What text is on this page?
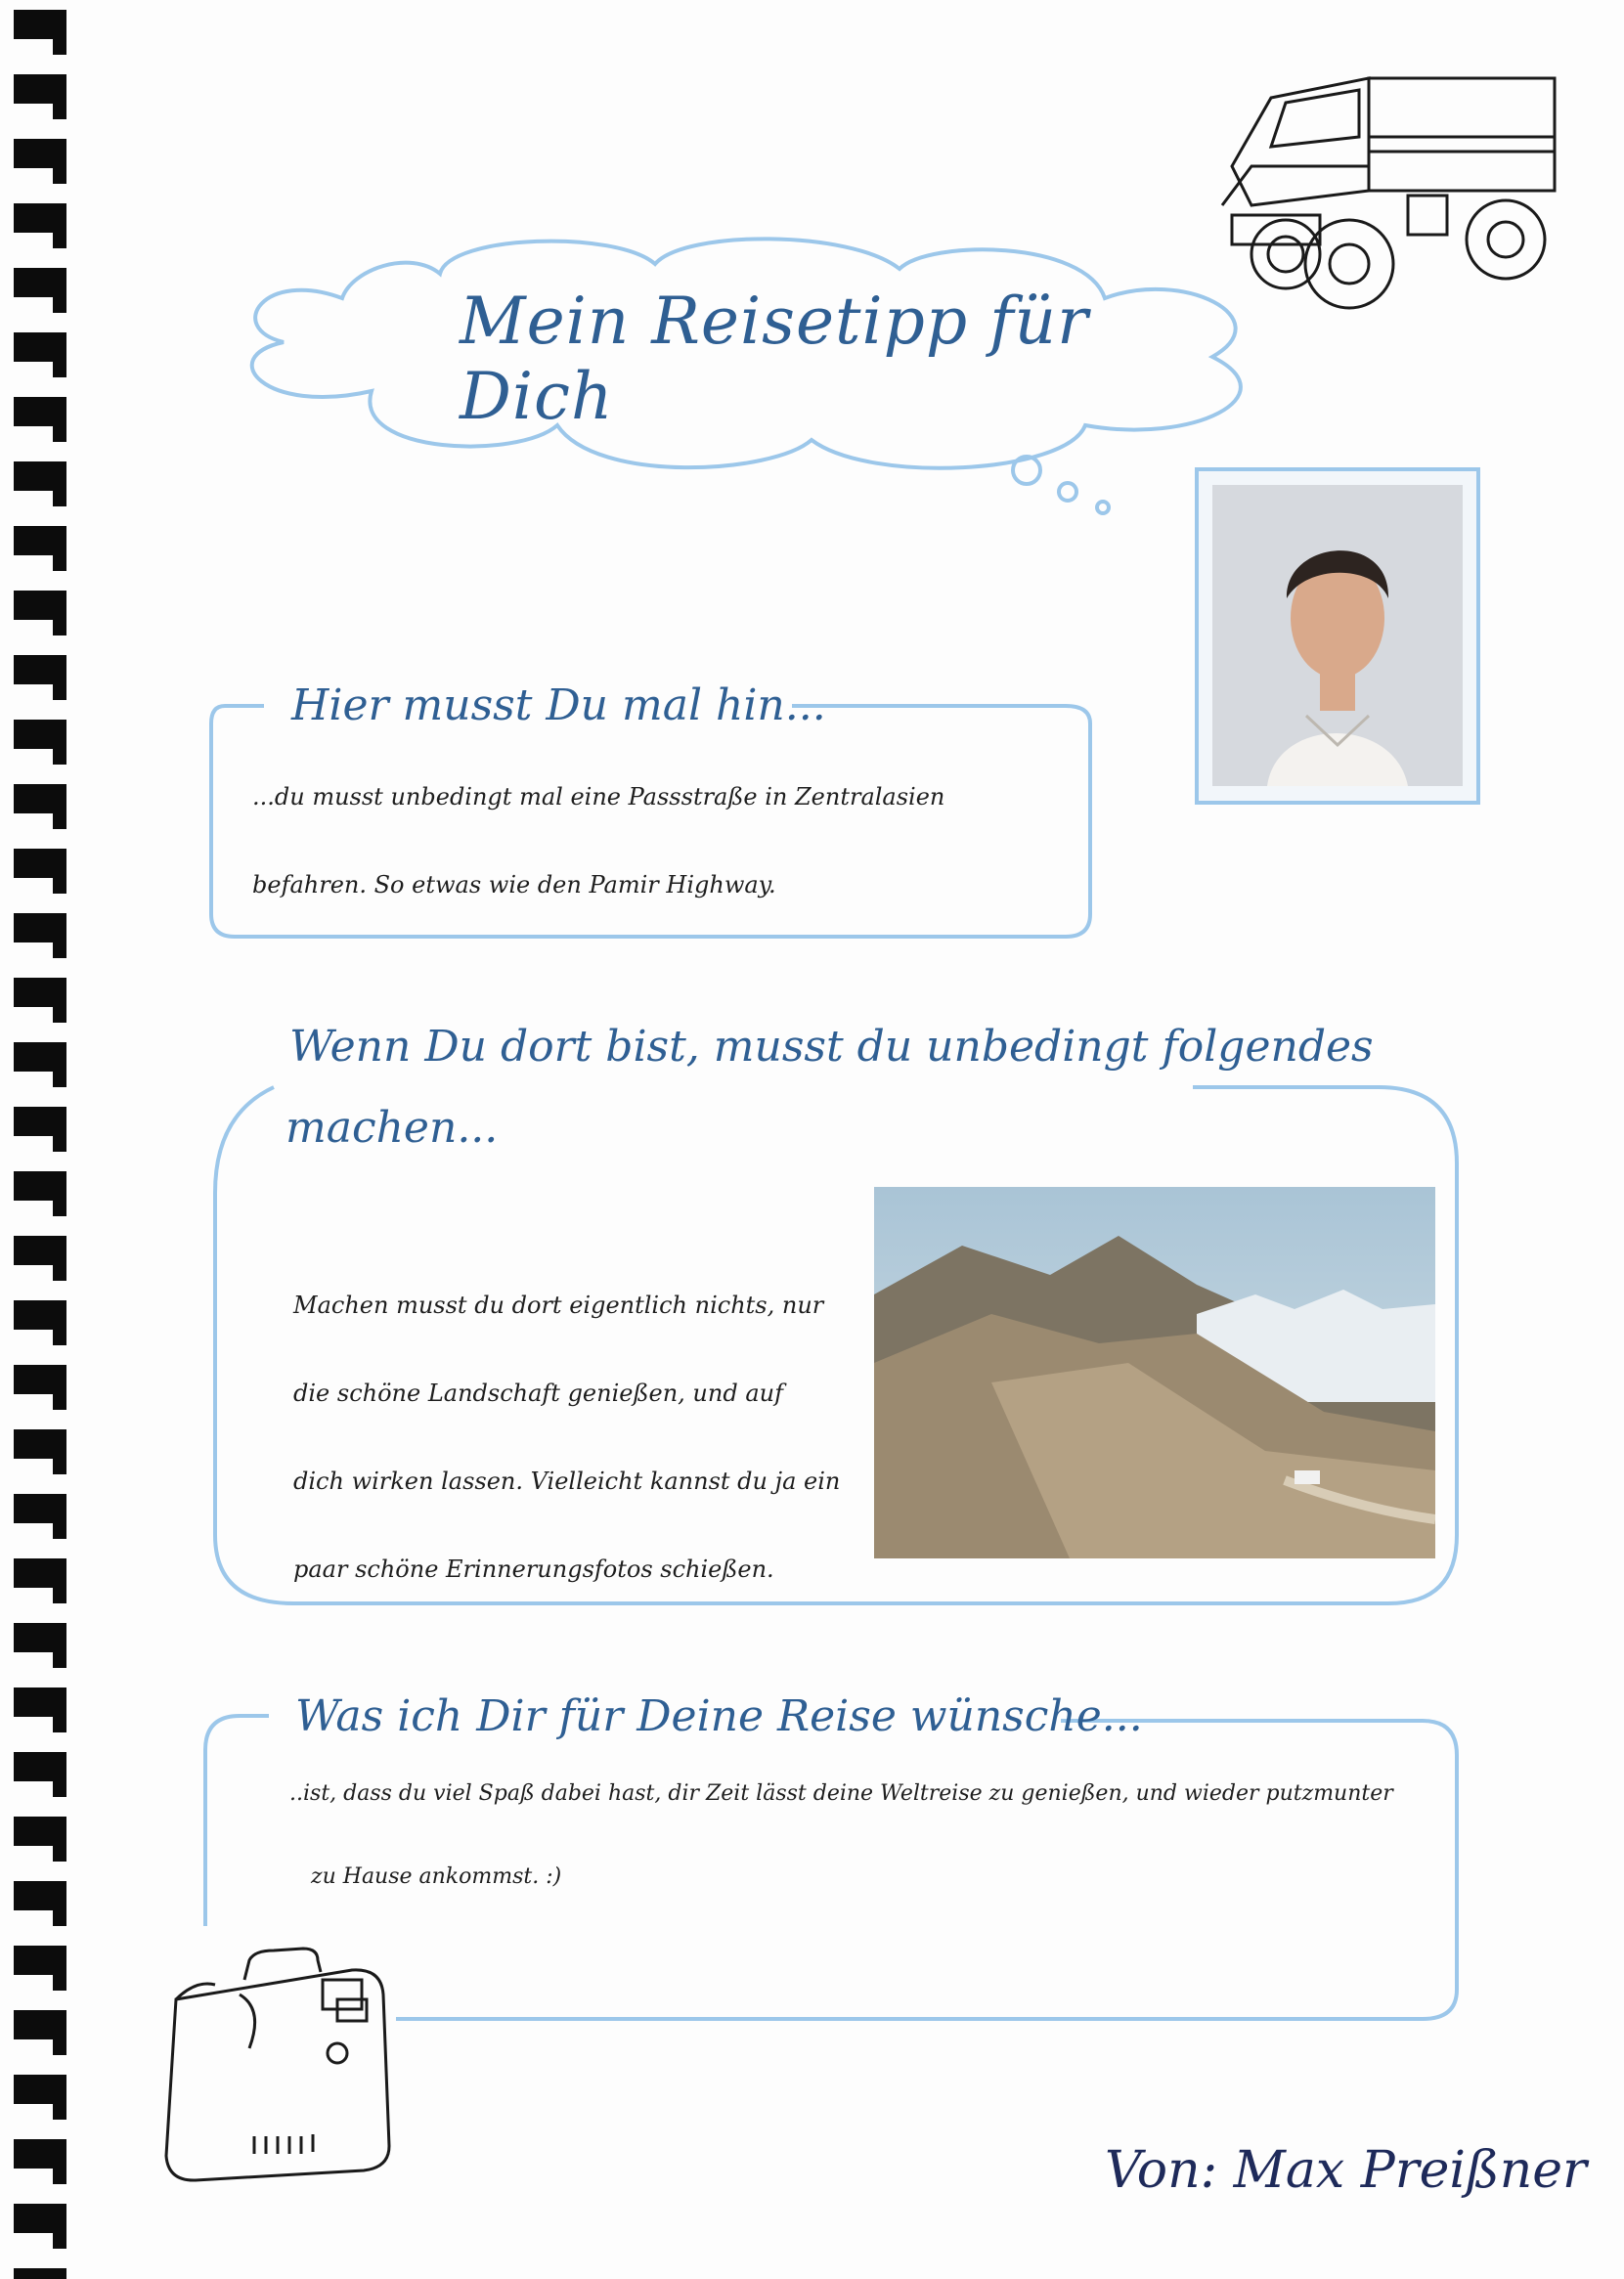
Mein Reisetipp für Dich
Hier musst Du mal hin...
...du musst unbedingt mal eine Passstraße in Zentralasien befahren. So etwas wie den Pamir Highway.
Wenn Du dort bist, musst du unbedingt folgendes
machen...
Machen musst du dort eigentlich nichts, nur die schöne Landschaft genießen, und auf dich wirken lassen. Vielleicht kannst du ja ein paar schöne Erinnerungsfotos schießen.
Was ich Dir für Deine Reise wünsche...
..ist, dass du viel Spaß dabei hast, dir Zeit lässt deine Weltreise zu genießen, und wieder putzmunter
zu Hause ankommst. :)
Von: Max Preißner
